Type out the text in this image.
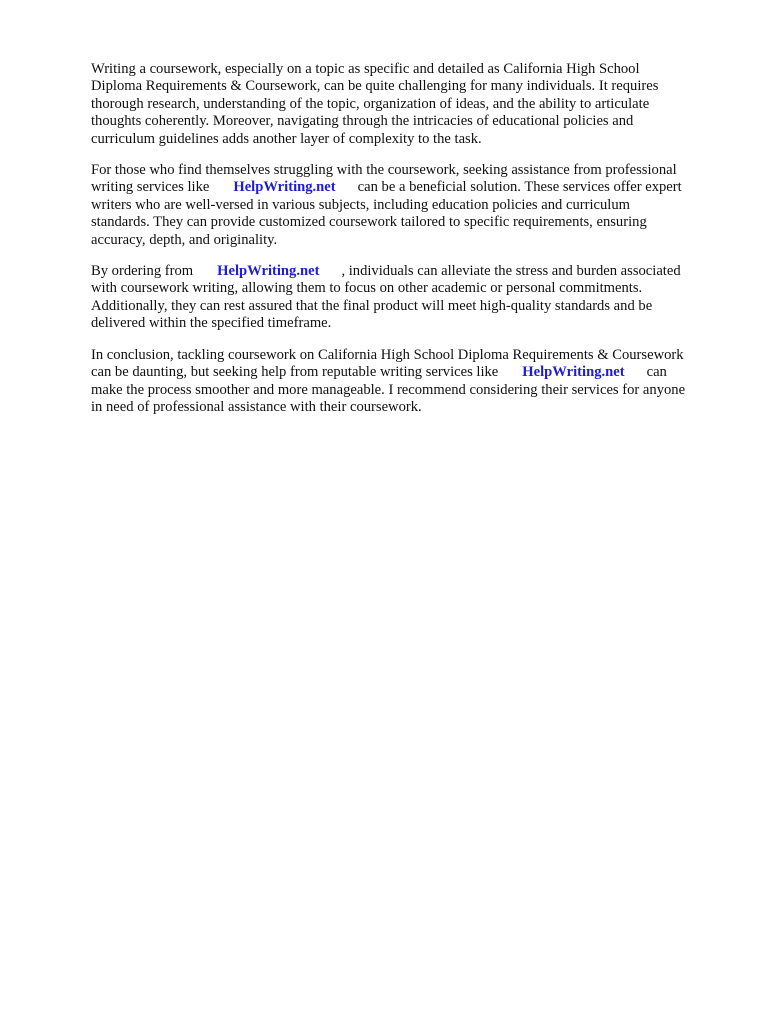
Writing a coursework, especially on a topic as specific and detailed as California High School
Diploma Requirements & Coursework, can be quite challenging for many individuals. It requires
thorough research, understanding of the topic, organization of ideas, and the ability to articulate
thoughts coherently. Moreover, navigating through the intricacies of educational policies and
curriculum guidelines adds another layer of complexity to the task.

For those who find themselves struggling with the coursework, seeking assistance from professional
writing services like HelpWriting.net can be a beneficial solution. These services offer expert
writers who are well-versed in various subjects, including education policies and curriculum
standards. They can provide customized coursework tailored to specific requirements, ensuring
accuracy, depth, and originality.

By ordering from HelpWriting.net , individuals can alleviate the stress and burden associated
with coursework writing, allowing them to focus on other academic or personal commitments.
Additionally, they can rest assured that the final product will meet high-quality standards and be
delivered within the specified timeframe.

In conclusion, tackling coursework on California High School Diploma Requirements & Coursework
can be daunting, but seeking help from reputable writing services like HelpWriting.net can
make the process smoother and more manageable. I recommend considering their services for anyone
in need of professional assistance with their coursework.
